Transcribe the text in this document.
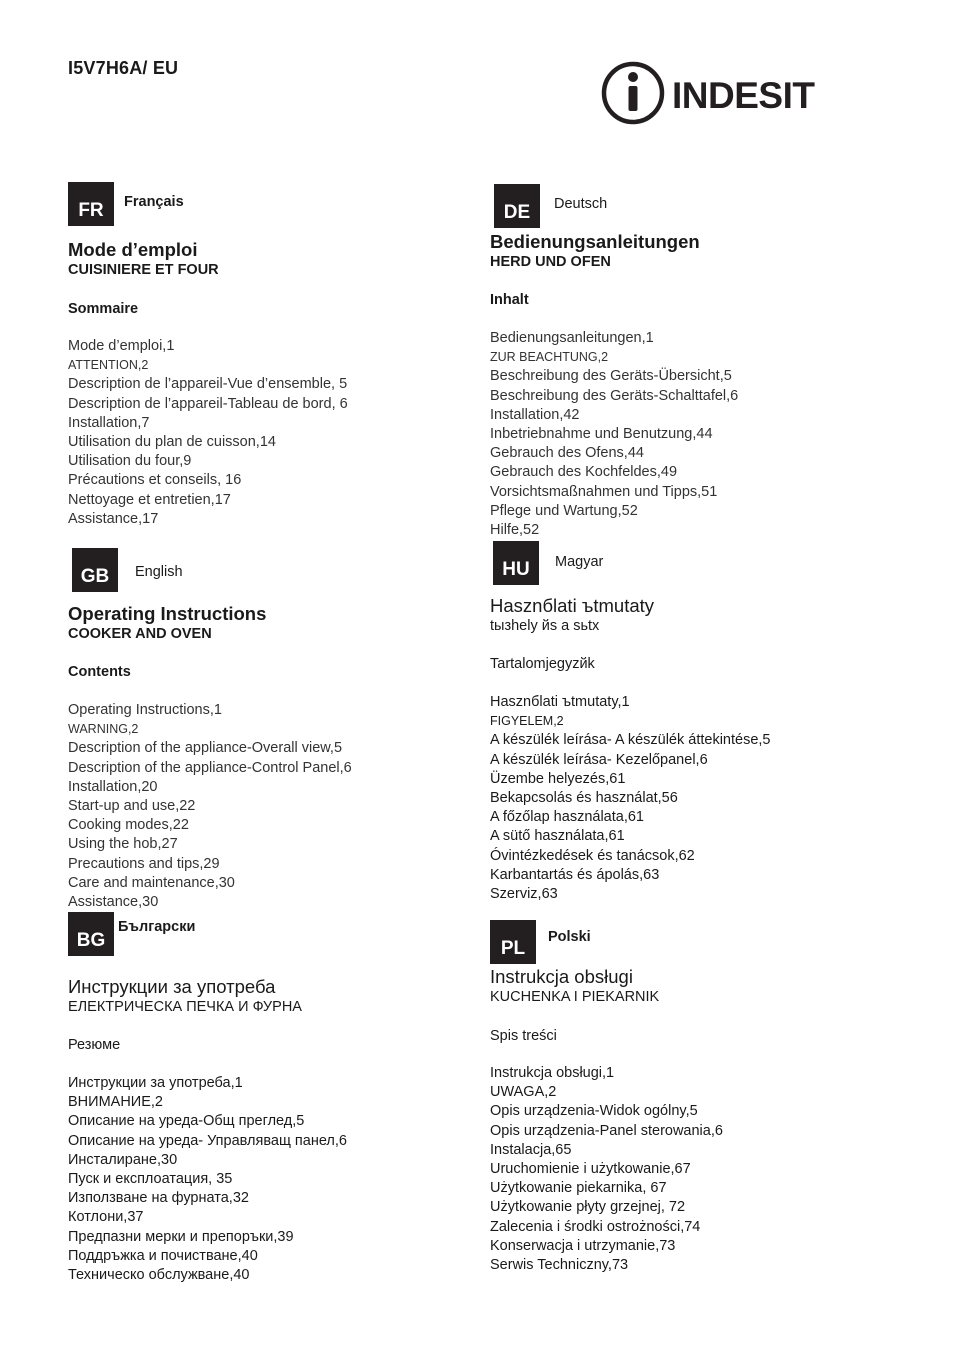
I5V7H6A/ EU
INDESIT
FR	Français
Mode d’emploi
CUISINIERE ET FOUR
Sommaire
Mode d’emploi,1
ATTENTION,2
Description de l’appareil-Vue d’ensemble, 5
Description de l’appareil-Tableau de bord, 6
Installation,7
Utilisation du plan de cuisson,14
Utilisation du four,9
Précautions et conseils, 16
Nettoyage et entretien,17
Assistance,17
GB	English
Operating Instructions
COOKER AND OVEN
Contents
Operating Instructions,1
WARNING,2
Description of the appliance-Overall view,5
Description of the appliance-Control Panel,6
Installation,20
Start-up and use,22
Cooking modes,22
Using the hob,27
Precautions and tips,29
Care and maintenance,30
Assistance,30
BG
Български
Инструкции за употреба
ЕЛЕКТРИЧЕСКА ПЕЧКА И ФУРНА
Резюме
Инструкции за употреба,1
ВНИМАНИЕ,2
Описание на уреда-Общ преглед,5
Описание на уреда- Управляващ панел,6
Инсталиране,30
Пуск и експлоатация, 35
Използване на фурната,32
Котлони,37
Предпазни мерки и препоръки,39
Поддръжка и почистване,40
Техническо обслужване,40
DE	Deutsch
Bedienungsanleitungen
HERD UND OFEN
Inhalt
Bedienungsanleitungen,1
ZUR BEACHTUNG,2
Beschreibung des Geräts-Übersicht,5
Beschreibung des Geräts-Schalttafel,6
Installation,42
Inbetriebnahme und Benutzung,44
Gebrauch des Ofens,44
Gebrauch des Kochfeldes,49
Vorsichtsmaßnahmen und Tipps,51
Pflege und Wartung,52
Hilfe,52
HU	Magyar
Hasznбlati ъtmutaty
tызhely йs a sьtх
Tartalomjegyzйk
Hasznбlati ъtmutaty,1
FIGYELEM,2
A készülék leírása- A készülék áttekintése,5
A készülék leírása- Kezelőpanel,6
Üzembe helyezés,61
Bekapcsolás és használat,56
A főzőlap használata,61
A sütő használata,61
Óvintézkedések és tanácsok,62
Karbantartás és ápolás,63
Szerviz,63
PL
Polski
Instrukcja obsługi
KUCHENKA I PIEKARNIK
Spis treści
Instrukcja obsługi,1
UWAGA,2
Opis urządzenia-Widok ogólny,5
Opis urządzenia-Panel sterowania,6
Instalacja,65
Uruchomienie i użytkowanie,67
Użytkowanie piekarnika, 67
Użytkowanie płyty grzejnej, 72
Zalecenia i środki ostrożności,74
Konserwacja i utrzymanie,73
Serwis Techniczny,73
